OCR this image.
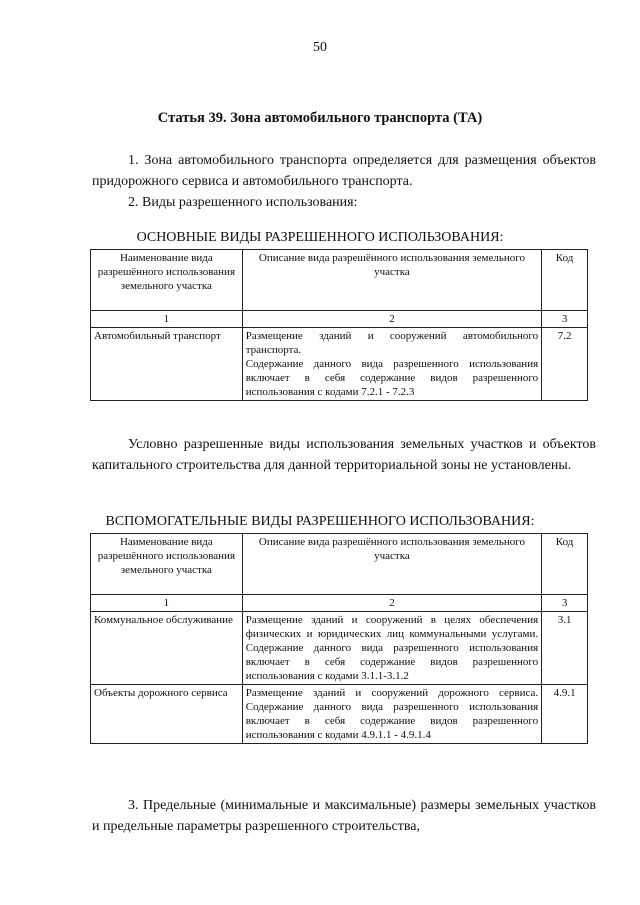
50
Статья 39. Зона автомобильного транспорта (ТА)
1. Зона автомобильного транспорта определяется для размещения объектов придорожного сервиса и автомобильного транспорта.
2. Виды разрешенного использования:
ОСНОВНЫЕ ВИДЫ РАЗРЕШЕННОГО ИСПОЛЬЗОВАНИЯ:
Наименование вида разрешённого использования земельного участка	Описание вида разрешённого использования земельного участка	Код
1	2	3
Автомобильный транспорт	Размещение зданий и сооружений автомобильного транспорта.
Содержание данного вида разрешенного использования включает в себя содержание видов разрешенного использования с кодами 7.2.1 - 7.2.3	7.2
Условно разрешенные виды использования земельных участков и объектов капитального строительства для данной территориальной зоны не установлены.
ВСПОМОГАТЕЛЬНЫЕ ВИДЫ РАЗРЕШЕННОГО ИСПОЛЬЗОВАНИЯ:
Наименование вида разрешённого использования земельного участка	Описание вида разрешённого использования земельного участка	Код
1	2	3
Коммунальное обслуживание	Размещение зданий и сооружений в целях обеспечения физических и юридических лиц коммунальными услугами. Содержание данного вида разрешенного использования включает в себя содержание видов разрешенного использования с кодами 3.1.1-3.1.2	3.1
Объекты дорожного сервиса	Размещение зданий и сооружений дорожного сервиса. Содержание данного вида разрешенного использования включает в себя содержание видов разрешенного использования с кодами 4.9.1.1 - 4.9.1.4	4.9.1
3. Предельные (минимальные и максимальные) размеры земельных участков и предельные параметры разрешенного строительства,
